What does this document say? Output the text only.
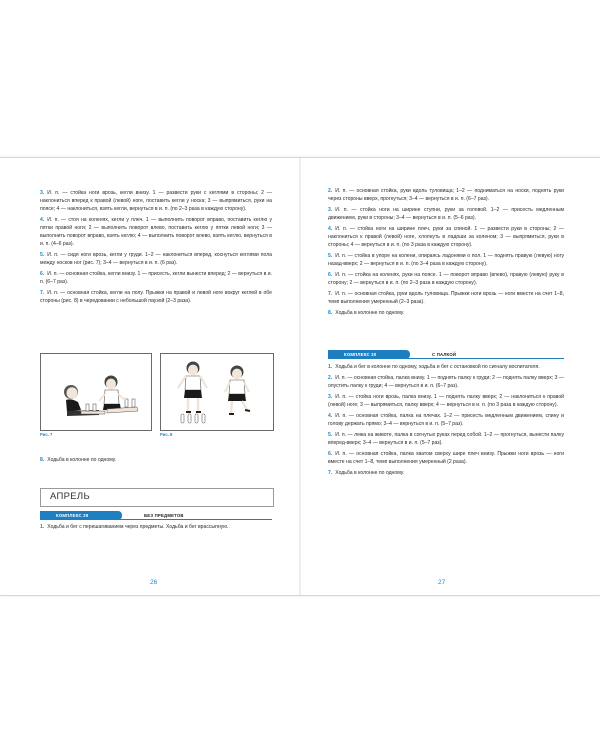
3. И. п. — стойка ноги врозь, кегли внизу. 1 — развести руки с кеглями в стороны; 2 — наклониться вперед к правой (левой) ноге, поставить кегли у носка; 3 — выпрямиться, руки на поясе; 4 — наклониться, взять кегли, вернуться в и. п. (по 2–3 раза в каждую сторону).

4. И. п. — стоя на коленях, кегли у плеч. 1 — выполнить поворот вправо, поставить кеглю у пятки правой ноги; 2 — выполнить поворот влево, поставить кеглю у пятки левой ноги; 3 — выполнить поворот вправо, взять кеглю; 4 — выполнить поворот влево, взять кеглю, вернуться в и. п. (4–6 раз).

5. И. п. — сидя ноги врозь, кегли у груди. 1–2 — наклониться вперед, коснуться кеглями пола между носков ног (рис. 7); 3–4 — вернуться в и. п. (6 раз).

6. И. п. — основная стойка, кегли внизу. 1 — присесть, кегли вынести вперед; 2 — вернуться в и. п. (6–7 раз).

7. И. п. — основная стойка, кегли на полу. Прыжки на правой и левой ноге вокруг кеглей в обе стороны (рис. 8) в чередовании с небольшой паузой (2–3 раза).

Рис. 7	Рис. 8

8. Ходьба в колонне по одному.

АПРЕЛЬ
КОМПЛЕКС 29	БЕЗ ПРЕДМЕТОВ

1. Ходьба и бег с перешагиванием через предметы. Ходьба и бег врассыпную.

26

2. И. п. — основная стойка, руки вдоль туловища; 1–2 — подниматься на носки, поднять руки через стороны вверх, прогнуться; 3–4 — вернуться в и. п. (6–7 раз).

3. И. п. — стойка ноги на ширине ступни, руки за головой. 1–2 — присесть медленным движением, руки в стороны; 3–4 — вернуться в и. п. (5–6 раз).

4. И. п. — стойка ноги на ширине плеч, руки за спиной. 1 — развести руки в стороны; 2 — наклониться к правой (левой) ноге, хлопнуть в ладоши за коленом; 3 — выпрямиться, руки в стороны; 4 — вернуться в и. п. (по 3 раза в каждую сторону).

5. И. п. — стойка в упоре на колени, опираясь ладонями о пол. 1 — поднять правую (левую) ногу назад-вверх; 2 — вернуться в и. п. (по 3–4 раза в каждую сторону).

6. И. п. — стойка на коленях, руки на поясе. 1 — поворот вправо (влево), правую (левую) руку в сторону; 2 — вернуться в и. п. (по 2–3 раза в каждую сторону).

7. И. п. — основная стойка, руки вдоль туловища. Прыжки ноги врозь — ноги вместе на счет 1–8, темп выполнения умеренный (2–3 раза).

8. Ходьба в колонне по одному.

КОМПЛЕКС 30	С ПАЛКОЙ

1. Ходьба и бег в колонне по одному, ходьба и бег с остановкой по сигналу воспитателя.

2. И. п. — основная стойка, палка внизу. 1 — поднять палку к груди; 2 — поднять палку вверх; 3 — опустить палку к груди; 4 — вернуться в и. п. (6–7 раз).

3. И. п. — стойка ноги врозь, палка внизу. 1 — поднять палку вверх; 2 — наклониться к правой (левой) ноге; 3 — выпрямиться, палку вверх; 4 — вернуться в и. п. (по 3 раза в каждую сторону).

4. И. п. — основная стойка, палка на плечах. 1–2 — присесть медленным движением, спину и голову держать прямо; 3–4 — вернуться в и. п. (5–7 раз).

5. И. п. — лежа на животе, палка в согнутых руках перед собой. 1–2 — прогнуться, вынести палку вперед-вверх; 3–4 — вернуться в и. п. (5–7 раз).

6. И. п. — основная стойка, палка хватом сверху шире плеч внизу. Прыжки ноги врозь — ноги вместе на счет 1–8, темп выполнения умеренный (2 раза).

7. Ходьба в колонне по одному.

27
